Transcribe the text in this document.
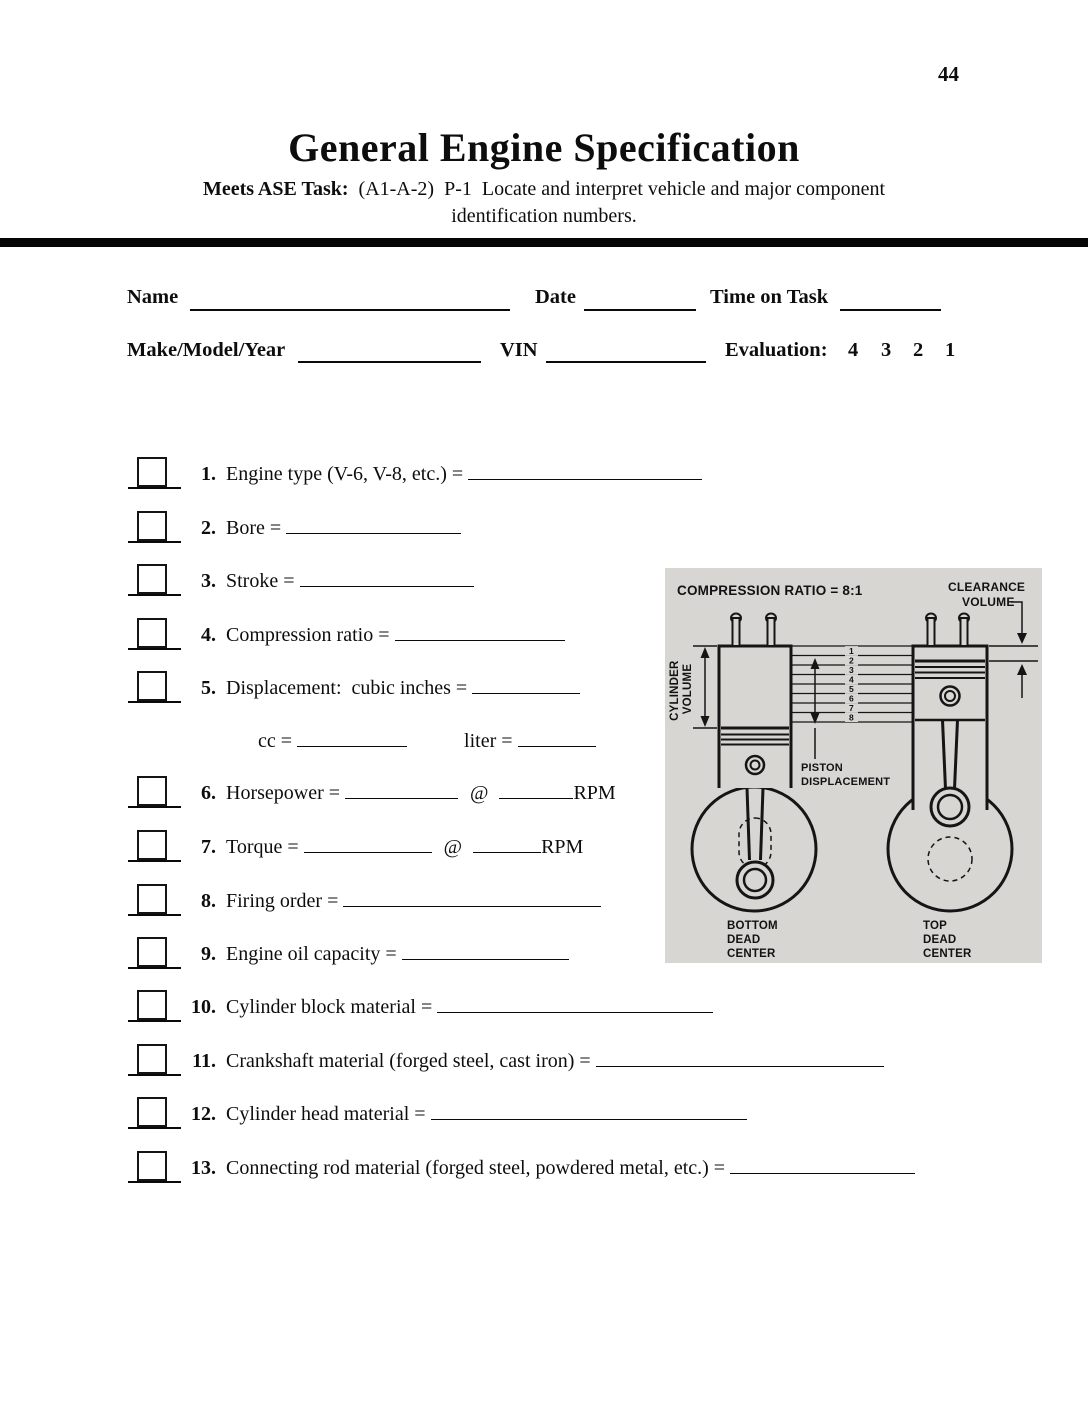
44
General Engine Specification
Meets ASE Task:  (A1-A-2)  P-1  Locate and interpret vehicle and major component
identification numbers.
Name	Date	Time on Task
Make/Model/Year	VIN	Evaluation: 4 3 2 1
1. Engine type (V-6, V-8, etc.) =
2. Bore =
3. Stroke =
4. Compression ratio =
5. Displacement:  cubic inches =
cc =	liter =
6. Horsepower =	@	RPM
7. Torque =	@	RPM
8. Firing order =
9. Engine oil capacity =
10. Cylinder block material =
11. Crankshaft material (forged steel, cast iron) =
12. Cylinder head material =
13. Connecting rod material (forged steel, powdered metal, etc.) =
1
2
3
4
5
6
7
8
CYLINDER VOLUME
PISTON DISPLACEMENT
COMPRESSION RATIO = 8:1	CLEARANCE VOLUME
BOTTOM DEAD CENTER
TOP DEAD CENTER
